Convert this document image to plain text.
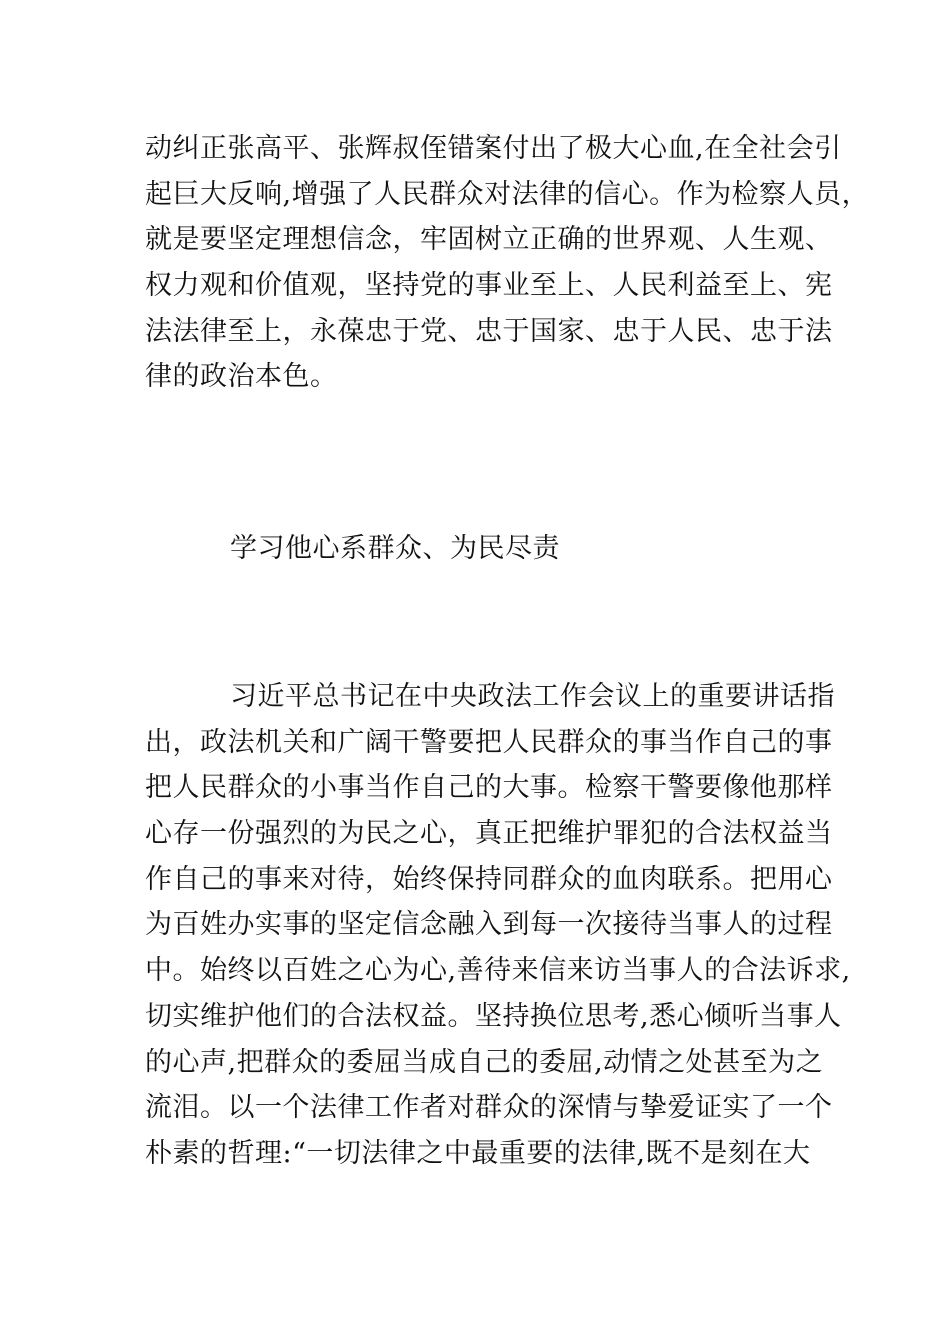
动纠正张高平、张辉叔侄错案付出了极大心血,在全社会引
起巨大反响,增强了人民群众对法律的信心。作为检察人员，
就是要坚定理想信念，牢固树立正确的世界观、人生观、
权力观和价值观，坚持党的事业至上、人民利益至上、宪
法法律至上，永葆忠于党、忠于国家、忠于人民、忠于法
律的政治本色。
学习他心系群众、为民尽责
习近平总书记在中央政法工作会议上的重要讲话指
出，政法机关和广阔干警要把人民群众的事当作自己的事
把人民群众的小事当作自己的大事。检察干警要像他那样
心存一份强烈的为民之心，真正把维护罪犯的合法权益当
作自己的事来对待，始终保持同群众的血肉联系。把用心
为百姓办实事的坚定信念融入到每一次接待当事人的过程
中。始终以百姓之心为心,善待来信来访当事人的合法诉求,
切实维护他们的合法权益。坚持换位思考,悉心倾听当事人
的心声,把群众的委屈当成自己的委屈,动情之处甚至为之
流泪。以一个法律工作者对群众的深情与挚爱证实了一个
朴素的哲理:“一切法律之中最重要的法律,既不是刻在大
